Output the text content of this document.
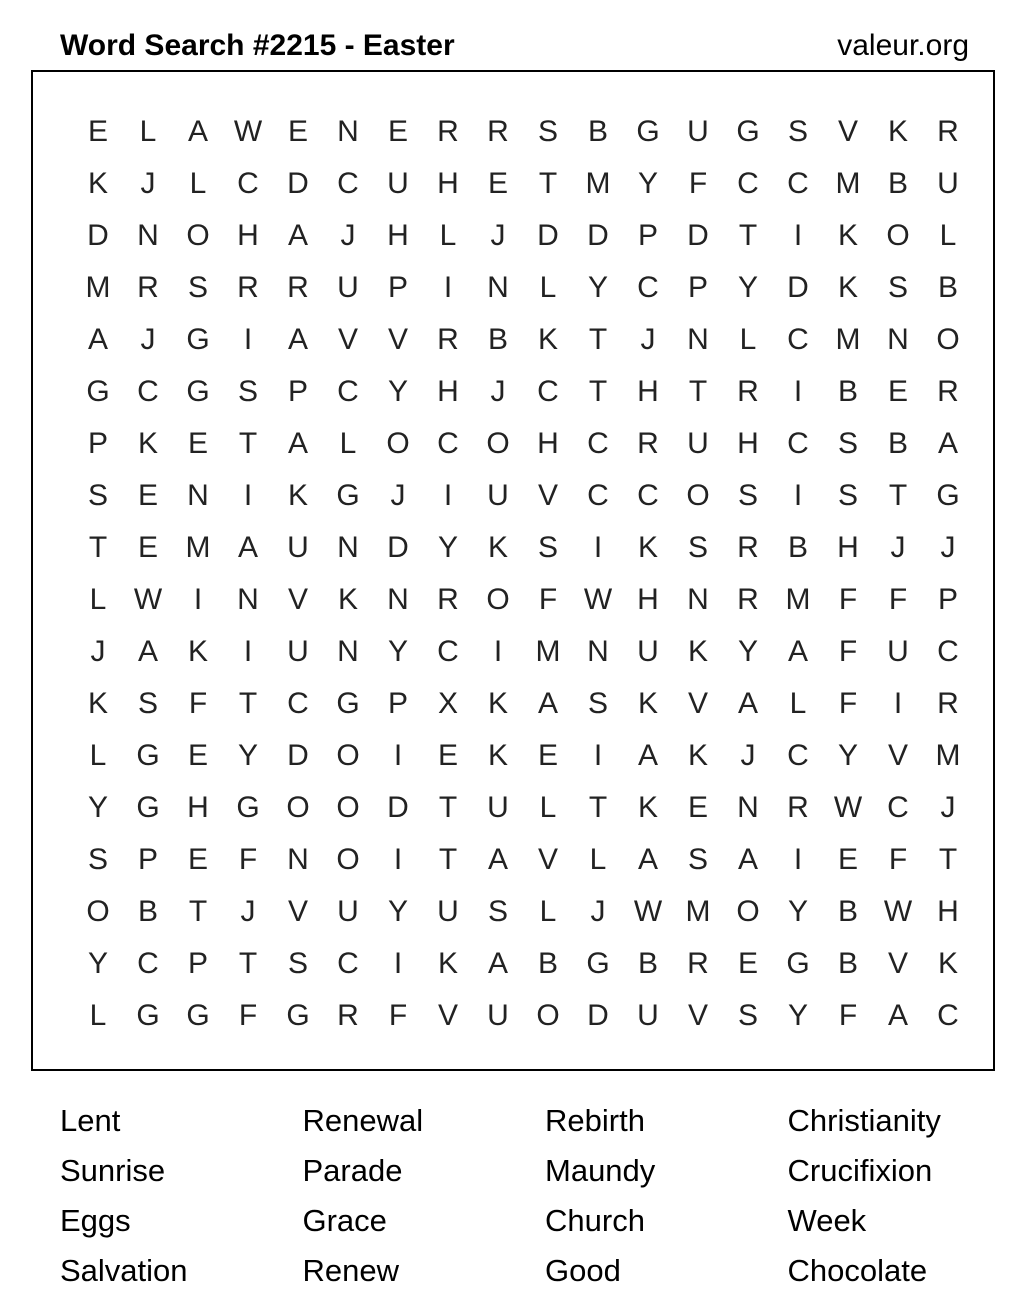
Word Search #2215 - Easter	valeur.org
E	L	A W E N E R R S B G U G S V K R
K	J	L	C D C U H E	T M Y	F	C C M B U
D N O H A	J	H	L	J	D D P D	T	I	K O L
M R S R R U P	I	N	L	Y C P Y D K S B
A	J	G	I	A V V R B K	T	J	N	L	C M N O
G C G S P C Y H	J	C	T	H	T	R	I	B E R
P K E	T	A	L O C O H C R U H C S B A
S E N	I	K G	J	I	U V C C O S	I	S	T G
T	E M A U N D Y K S	I	K S R B H	J	J
L W	I	N V K N R O F W H N R M F	F	P
J	A K	I	U N Y C	I	M N U K Y A	F	U C
K S	F	T	C G P X K A S K V A	L	F	I	R
L G E Y D O	I	E K E	I	A K	J	C Y V M
Y G H G O O D	T	U	L	T	K E N R W C	J
S P E	F	N O	I	T	A V	L	A S A	I	E	F	T
O B	T	J	V U Y U S	L	J W M O Y B W H
Y C P	T	S C	I	K A B G B R E G B V K
L G G F G R	F	V U O D U V S Y	F	A C
Lent	Renewal	Rebirth	Christianity
Sunrise	Parade	Maundy	Crucifixion
Eggs	Grace	Church	Week
Salvation	Renew	Good	Chocolate
